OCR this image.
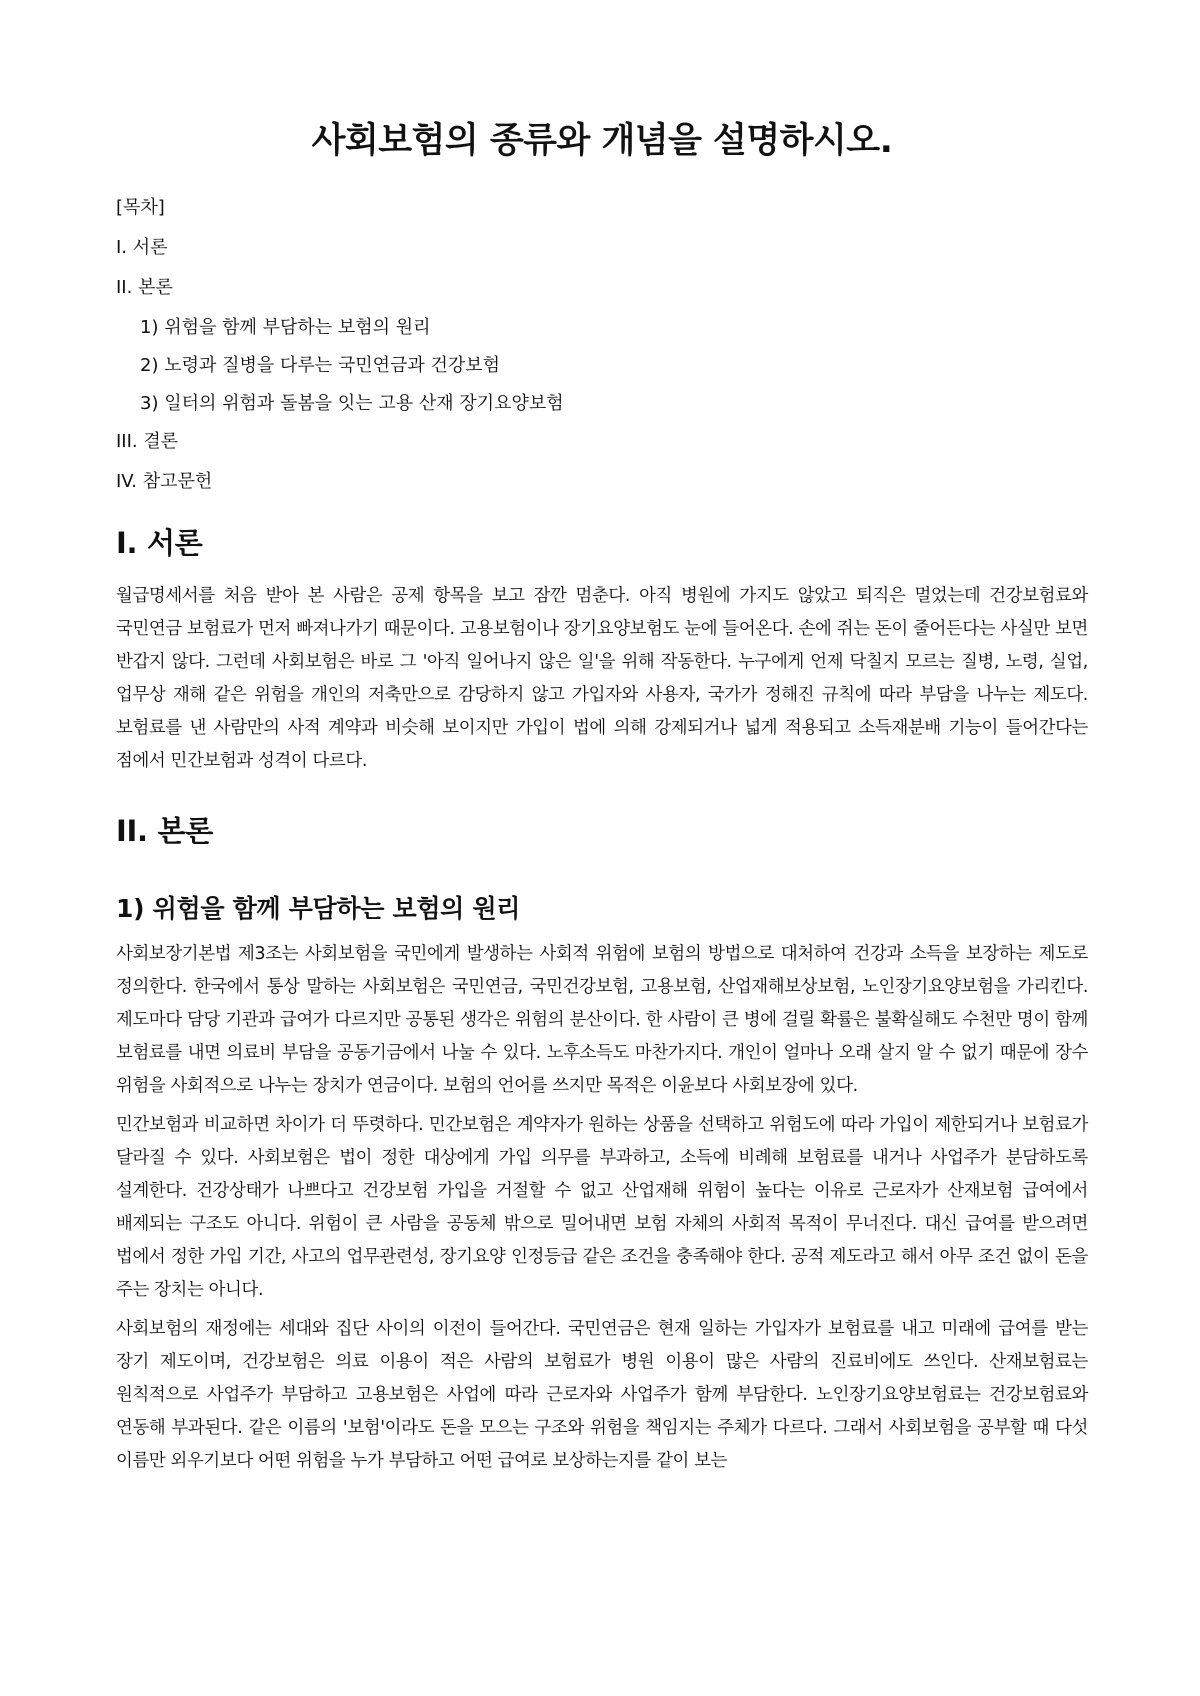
사회보험의 종류와 개념을 설명하시오.
[목차]
I. 서론
II. 본론
1) 위험을 함께 부담하는 보험의 원리
2) 노령과 질병을 다루는 국민연금과 건강보험
3) 일터의 위험과 돌봄을 잇는 고용 산재 장기요양보험
III. 결론
IV. 참고문헌
I. 서론

월급명세서를 처음 받아 본 사람은 공제 항목을 보고 잠깐 멈춘다. 아직 병원에 가지도 않았고 퇴직은 멀었는데 건강보험료와 국민연금 보험료가 먼저 빠져나가기 때문이다. 고용보험이나 장기요양보험도 눈에 들어온다. 손에 쥐는 돈이 줄어든다는 사실만 보면 반갑지 않다. 그런데 사회보험은 바로 그 '아직 일어나지 않은 일'을 위해 작동한다. 누구에게 언제 닥칠지 모르는 질병, 노령, 실업, 업무상 재해 같은 위험을 개인의 저축만으로 감당하지 않고 가입자와 사용자, 국가가 정해진 규칙에 따라 부담을 나누는 제도다. 보험료를 낸 사람만의 사적 계약과 비슷해 보이지만 가입이 법에 의해 강제되거나 넓게 적용되고 소득재분배 기능이 들어간다는 점에서 민간보험과 성격이 다르다.

II. 본론
1) 위험을 함께 부담하는 보험의 원리

사회보장기본법 제3조는 사회보험을 국민에게 발생하는 사회적 위험에 보험의 방법으로 대처하여 건강과 소득을 보장하는 제도로 정의한다. 한국에서 통상 말하는 사회보험은 국민연금, 국민건강보험, 고용보험, 산업재해보상보험, 노인장기요양보험을 가리킨다. 제도마다 담당 기관과 급여가 다르지만 공통된 생각은 위험의 분산이다. 한 사람이 큰 병에 걸릴 확률은 불확실해도 수천만 명이 함께 보험료를 내면 의료비 부담을 공동기금에서 나눌 수 있다. 노후소득도 마찬가지다. 개인이 얼마나 오래 살지 알 수 없기 때문에 장수 위험을 사회적으로 나누는 장치가 연금이다. 보험의 언어를 쓰지만 목적은 이윤보다 사회보장에 있다.

민간보험과 비교하면 차이가 더 뚜렷하다. 민간보험은 계약자가 원하는 상품을 선택하고 위험도에 따라 가입이 제한되거나 보험료가 달라질 수 있다. 사회보험은 법이 정한 대상에게 가입 의무를 부과하고, 소득에 비례해 보험료를 내거나 사업주가 분담하도록 설계한다. 건강상태가 나쁘다고 건강보험 가입을 거절할 수 없고 산업재해 위험이 높다는 이유로 근로자가 산재보험 급여에서 배제되는 구조도 아니다. 위험이 큰 사람을 공동체 밖으로 밀어내면 보험 자체의 사회적 목적이 무너진다. 대신 급여를 받으려면 법에서 정한 가입 기간, 사고의 업무관련성, 장기요양 인정등급 같은 조건을 충족해야 한다. 공적 제도라고 해서 아무 조건 없이 돈을 주는 장치는 아니다.

사회보험의 재정에는 세대와 집단 사이의 이전이 들어간다. 국민연금은 현재 일하는 가입자가 보험료를 내고 미래에 급여를 받는 장기 제도이며, 건강보험은 의료 이용이 적은 사람의 보험료가 병원 이용이 많은 사람의 진료비에도 쓰인다. 산재보험료는 원칙적으로 사업주가 부담하고 고용보험은 사업에 따라 근로자와 사업주가 함께 부담한다. 노인장기요양보험료는 건강보험료와 연동해 부과된다. 같은 이름의 '보험'이라도 돈을 모으는 구조와 위험을 책임지는 주체가 다르다. 그래서 사회보험을 공부할 때 다섯 이름만 외우기보다 어떤 위험을 누가 부담하고 어떤 급여로 보상하는지를 같이 보는
